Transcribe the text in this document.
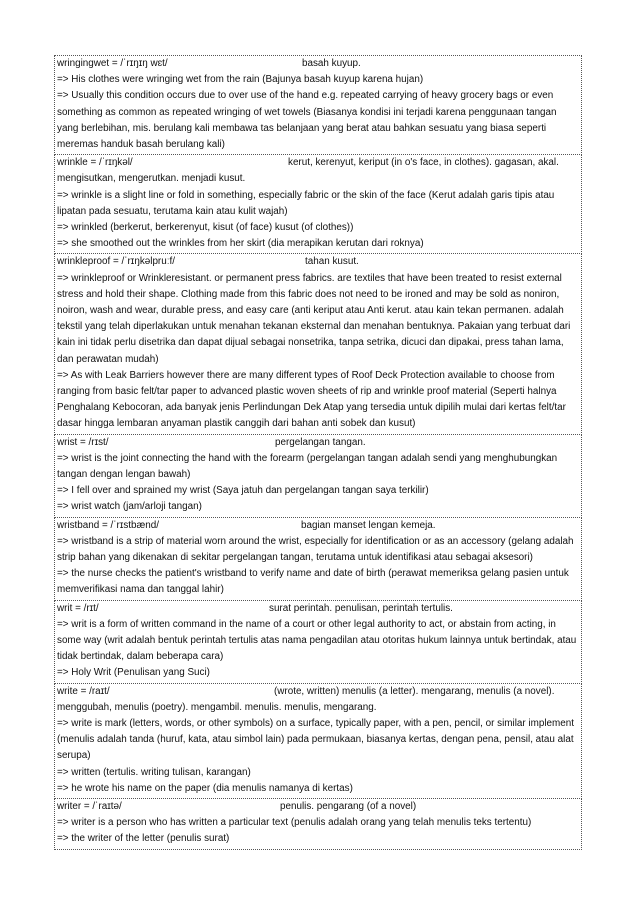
wringingwet = /ˈrɪŋɪŋ wɛt/	basah kuyup.
=> His clothes were wringing wet from the rain (Bajunya basah kuyup karena hujan)
=> Usually this condition occurs due to over use of the hand e.g. repeated carrying of heavy grocery bags or even something as common as repeated wringing of wet towels (Biasanya kondisi ini terjadi karena penggunaan tangan yang berlebihan, mis. berulang kali membawa tas belanjaan yang berat atau bahkan sesuatu yang biasa seperti meremas handuk basah berulang kali)
wrinkle = /ˈrɪŋkəl/	kerut, kerenyut, keriput (in o's face, in clothes). gagasan, akal. mengisutkan, mengerutkan. menjadi kusut.
=> wrinkle is a slight line or fold in something, especially fabric or the skin of the face (Kerut adalah garis tipis atau lipatan pada sesuatu, terutama kain atau kulit wajah)
=> wrinkled (berkerut, berkerenyut, kisut (of face) kusut (of clothes))
=> she smoothed out the wrinkles from her skirt (dia merapikan kerutan dari roknya)
wrinkleproof = /ˈrɪŋkəlpruːf/	tahan kusut.
=> wrinkleproof or Wrinkleresistant. or permanent press fabrics. are textiles that have been treated to resist external stress and hold their shape. Clothing made from this fabric does not need to be ironed and may be sold as noniron, noiron, wash and wear, durable press, and easy care (anti keriput atau Anti kerut. atau kain tekan permanen. adalah tekstil yang telah diperlakukan untuk menahan tekanan eksternal dan menahan bentuknya. Pakaian yang terbuat dari kain ini tidak perlu disetrika dan dapat dijual sebagai nonsetrika, tanpa setrika, dicuci dan dipakai, press tahan lama, dan perawatan mudah)
=> As with Leak Barriers however there are many different types of Roof Deck Protection available to choose from ranging from basic felt/tar paper to advanced plastic woven sheets of rip and wrinkle proof material (Seperti halnya Penghalang Kebocoran, ada banyak jenis Perlindungan Dek Atap yang tersedia untuk dipilih mulai dari kertas felt/tar dasar hingga lembaran anyaman plastik canggih dari bahan anti sobek dan kusut)
wrist = /rɪst/	pergelangan tangan.
=> wrist is the joint connecting the hand with the forearm (pergelangan tangan adalah sendi yang menghubungkan tangan dengan lengan bawah)
=> I fell over and sprained my wrist (Saya jatuh dan pergelangan tangan saya terkilir)
=> wrist watch (jam/arloji tangan)
wristband = /ˈrɪstbænd/	bagian manset lengan kemeja.
=> wristband is a strip of material worn around the wrist, especially for identification or as an accessory (gelang adalah strip bahan yang dikenakan di sekitar pergelangan tangan, terutama untuk identifikasi atau sebagai aksesori)
=> the nurse checks the patient's wristband to verify name and date of birth (perawat memeriksa gelang pasien untuk memverifikasi nama dan tanggal lahir)
writ = /rɪt/	surat perintah. penulisan, perintah tertulis.
=> writ is a form of written command in the name of a court or other legal authority to act, or abstain from acting, in some way (writ adalah bentuk perintah tertulis atas nama pengadilan atau otoritas hukum lainnya untuk bertindak, atau tidak bertindak, dalam beberapa cara)
=> Holy Writ (Penulisan yang Suci)
write = /raɪt/	(wrote, written) menulis (a letter). mengarang, menulis (a novel). menggubah, menulis (poetry). mengambil. menulis. menulis, mengarang.
=> write is mark (letters, words, or other symbols) on a surface, typically paper, with a pen, pencil, or similar implement (menulis adalah tanda (huruf, kata, atau simbol lain) pada permukaan, biasanya kertas, dengan pena, pensil, atau alat serupa)
=> written (tertulis. writing tulisan, karangan)
=> he wrote his name on the paper (dia menulis namanya di kertas)
writer = /ˈraɪtə/	penulis. pengarang (of a novel)
=> writer is a person who has written a particular text (penulis adalah orang yang telah menulis teks tertentu)
=> the writer of the letter (penulis surat)
